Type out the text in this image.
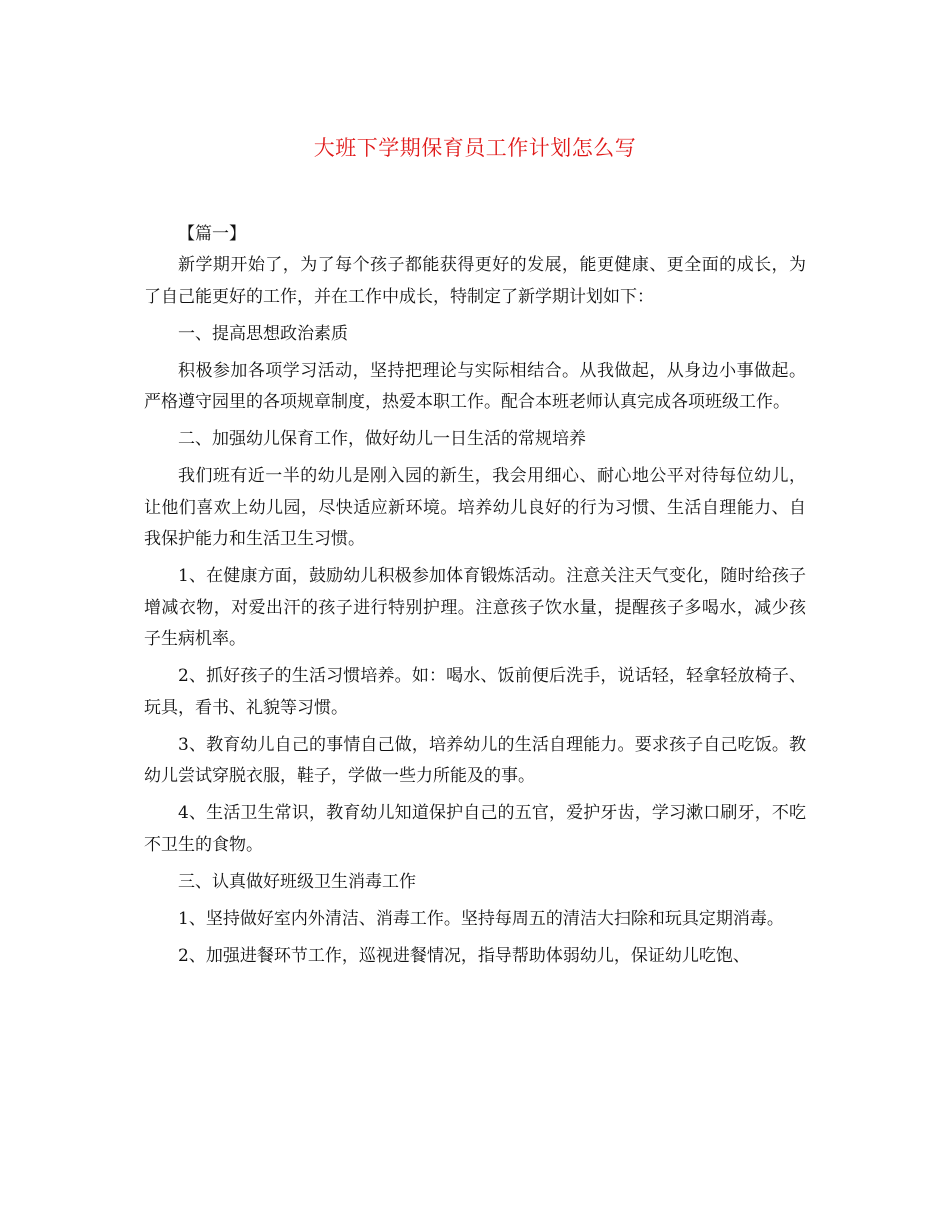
大班下学期保育员工作计划怎么写

【篇一】

新学期开始了，为了每个孩子都能获得更好的发展，能更健康、更全面的成长，为了自己能更好的工作，并在工作中成长，特制定了新学期计划如下：

一、提高思想政治素质

积极参加各项学习活动，坚持把理论与实际相结合。从我做起，从身边小事做起。严格遵守园里的各项规章制度，热爱本职工作。配合本班老师认真完成各项班级工作。

二、加强幼儿保育工作，做好幼儿一日生活的常规培养

我们班有近一半的幼儿是刚入园的新生，我会用细心、耐心地公平对待每位幼儿，让他们喜欢上幼儿园，尽快适应新环境。培养幼儿良好的行为习惯、生活自理能力、自我保护能力和生活卫生习惯。

1、在健康方面，鼓励幼儿积极参加体育锻炼活动。注意关注天气变化，随时给孩子增减衣物，对爱出汗的孩子进行特别护理。注意孩子饮水量，提醒孩子多喝水，减少孩子生病机率。

2、抓好孩子的生活习惯培养。如：喝水、饭前便后洗手，说话轻，轻拿轻放椅子、玩具，看书、礼貌等习惯。

3、教育幼儿自己的事情自己做，培养幼儿的生活自理能力。要求孩子自己吃饭。教幼儿尝试穿脱衣服，鞋子，学做一些力所能及的事。

4、生活卫生常识，教育幼儿知道保护自己的五官，爱护牙齿，学习漱口刷牙，不吃不卫生的食物。

三、认真做好班级卫生消毒工作

1、坚持做好室内外清洁、消毒工作。坚持每周五的清洁大扫除和玩具定期消毒。

2、加强进餐环节工作，巡视进餐情况，指导帮助体弱幼儿，保证幼儿吃饱、
